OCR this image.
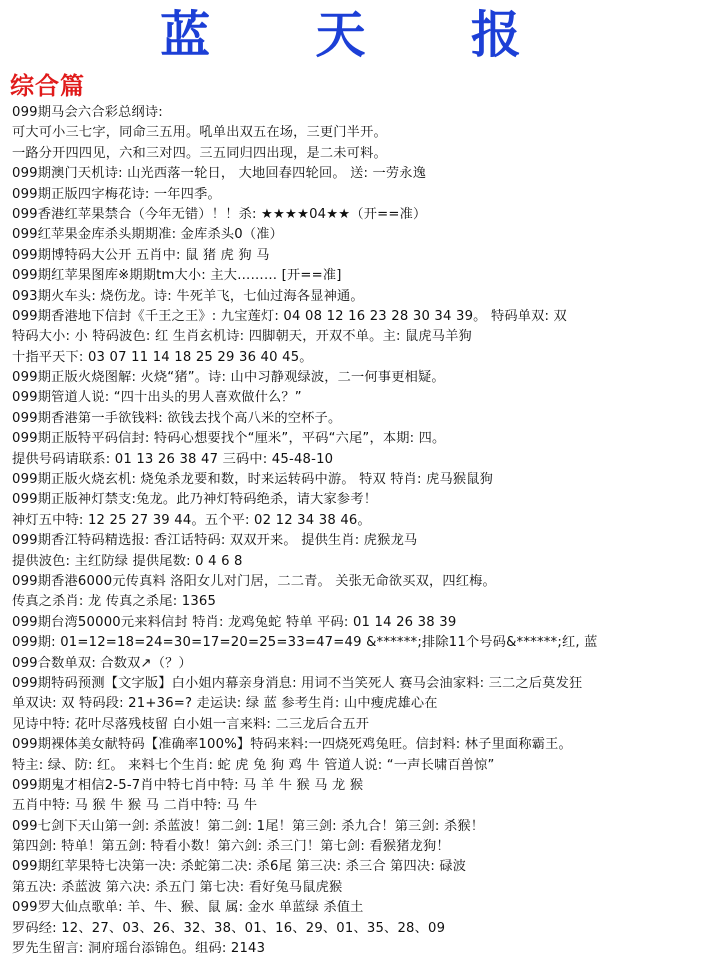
蓝 天 报
综合篇
099期马会六合彩总纲诗:
可大可小三七字，同命三五用。吼单出双五在场，三更门半开。
一路分开四四见，六和三对四。三五同归四出现，是二未可料。
099期澳门天机诗: 山光西落一轮日， 大地回春四轮回。 送: 一劳永逸
099期正版四字梅花诗: 一年四季。
099香港红苹果禁合（今年无错）！！杀: ★★★★04★★（开==准）
099红苹果金库杀头期期准: 金库杀头0（准）
099期博特码大公开 五肖中: 鼠 猪 虎 狗 马
099期红苹果图库※期期tm大小: 主大……… [开==准]
093期火车头: 烧伤龙。诗: 牛死羊飞，七仙过海各显神通。
099期香港地下信封《千王之王》: 九宝莲灯: 04 08 12 16 23 28 30 34 39。 特码单双: 双
特码大小: 小 特码波色: 红 生肖玄机诗: 四脚朝天，开双不单。主: 鼠虎马羊狗
十指平天下: 03 07 11 14 18 25 29 36 40 45。
099期正版火烧图解: 火烧“猪”。诗: 山中习静观绿波，二一何事更相疑。
099期管道人说: “四十出头的男人喜欢做什么？”
099期香港第一手欲钱料: 欲钱去找个高八米的空杯子。
099期正版特平码信封: 特码心想要找个“厘米”，平码“六尾”，本期: 四。
提供号码请联系: 01 13 26 38 47 三码中: 45-48-10
099期正版火烧玄机: 烧兔杀龙要和数，时来运转码中游。 特双 特肖: 虎马猴鼠狗
099期正版神灯禁支:兔龙。此乃神灯特码绝杀，请大家参考！
神灯五中特: 12 25 27 39 44。五个平: 02 12 34 38 46。
099期香江特码精选报: 香江话特码: 双双开来。 提供生肖: 虎猴龙马
提供波色: 主红防绿 提供尾数: 0 4 6 8
099期香港6000元传真料 洛阳女儿对门居，二二青。 关张无命欲买双，四红梅。
传真之杀肖: 龙 传真之杀尾: 1365
099期台湾50000元来料信封 特肖: 龙鸡兔蛇 特单 平码: 01 14 26 38 39
099期: 01=12=18=24=30=17=20=25=33=47=49 &******;排除11个号码&******;红, 蓝
099合数单双: 合数双↗（？）
099期特码预测【文字版】白小姐内幕亲身消息: 用词不当笑死人 赛马会油家料: 三二之后莫发狂
单双诀: 双 特码段: 21+36=? 走运诀: 绿 蓝 参考生肖: 山中瘦虎雄心在
见诗中特: 花叶尽落残枝留 白小姐一言来料: 二三龙后合五开
099期裸体美女献特码【准确率100%】特码来料:一四烧死鸡兔旺。信封料: 林子里面称霸王。
特主: 绿、防: 红。 来料七个生肖: 蛇 虎 兔 狗 鸡 牛 管道人说: “一声长啸百兽惊”
099期鬼才相信2-5-7肖中特七肖中特: 马 羊 牛 猴 马 龙 猴
五肖中特: 马 猴 牛 猴 马 二肖中特: 马 牛
099七剑下天山第一剑: 杀蓝波！第二剑: 1尾！第三剑: 杀九合！第三剑: 杀猴！
第四剑: 特单！第五剑: 特看小数！第六剑: 杀三门！第七剑: 看猴猪龙狗！
099期红苹果特七决第一决: 杀蛇第二决: 杀6尾 第三决: 杀三合 第四决: 碌波
第五决: 杀蓝波 第六决: 杀五门 第七决: 看好兔马鼠虎猴
099罗大仙点歌单: 羊、牛、猴、鼠 属: 金水 单蓝绿 杀值土
罗码经: 12、27、03、26、32、38、01、16、29、01、35、28、09
罗先生留言: 洞府瑶台添锦色。组码: 2143
